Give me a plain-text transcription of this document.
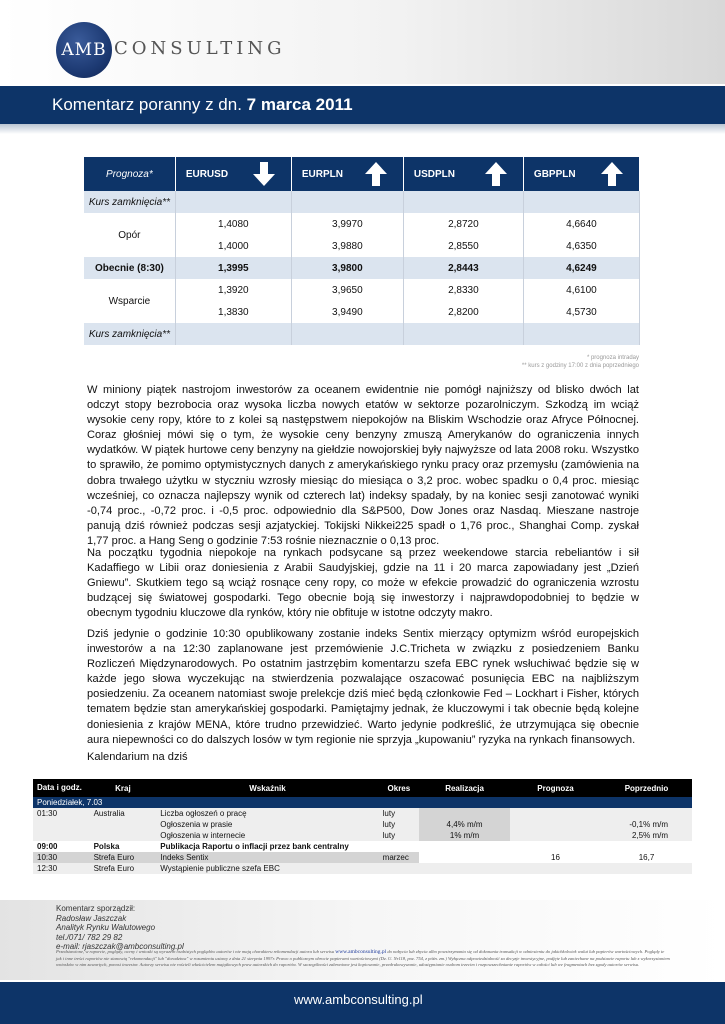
AMB CONSULTING
Komentarz poranny z dn. 7 marca 2011
Prognoza*	EURUSD	EURPLN	USDPLN	GBPPLN

Kurs zamknięcia**				
Opór	1,4080	3,9970	2,8720	4,6640
	1,4000	3,9880	2,8550	4,6350
Obecnie (8:30)	1,3995	3,9800	2,8443	4,6249
Wsparcie	1,3920	3,9650	2,8330	4,6100
	1,3830	3,9490	2,8200	4,5730
Kurs zamknięcia**				
* prognoza intraday
** kurs z godziny 17:00 z dnia poprzedniego

W miniony piątek nastrojom inwestorów za oceanem ewidentnie nie pomógł najniższy od blisko dwóch lat odczyt stopy bezrobocia oraz wysoka liczba nowych etatów w sektorze pozarolniczym. Szkodzą im wciąż wysokie ceny ropy, które to z kolei są następstwem niepokojów na Bliskim Wschodzie oraz Afryce Północnej. Coraz głośniej mówi się o tym, że wysokie ceny benzyny zmuszą Amerykanów do ograniczenia innych wydatków. W piątek hurtowe ceny benzyny na giełdzie nowojorskiej były najwyższe od lata 2008 roku. Wszystko to sprawiło, że pomimo optymistycznych danych z amerykańskiego rynku pracy oraz przemysłu (zamówienia na dobra trwałego użytku w styczniu wzrosły miesiąc do miesiąca o 3,2 proc. wobec spadku o 0,4 proc. miesiąc wcześniej, co oznacza najlepszy wynik od czterech lat) indeksy spadały, by na koniec sesji zanotować wyniki -0,74 proc., -0,72 proc. i -0,5 proc. odpowiednio dla S&P500, Dow Jones oraz Nasdaq. Mieszane nastroje panują dziś również podczas sesji azjatyckiej. Tokijski Nikkei225 spadł o 1,76 proc., Shanghai Comp. zyskał 1,77 proc. a Hang Seng o godzinie 7:53 rośnie nieznacznie o 0,13 proc.

Na początku tygodnia niepokoje na rynkach podsycane są przez weekendowe starcia rebeliantów i sił Kadaffiego w Libii oraz doniesienia z Arabii Saudyjskiej, gdzie na 11 i 20 marca zapowiadany jest „Dzień Gniewu”. Skutkiem tego są wciąż rosnące ceny ropy, co może w efekcie prowadzić do ograniczenia wzrostu budzącej się światowej gospodarki. Tego obecnie boją się inwestorzy i najprawdopodobniej to będzie w obecnym tygodniu kluczowe dla rynków, który nie obfituje w istotne odczyty makro.

Dziś jedynie o godzinie 10:30 opublikowany zostanie indeks Sentix mierzący optymizm wśród europejskich inwestorów a na 12:30 zaplanowane jest przemówienie J.C.Tricheta w związku z posiedzeniem Banku Rozliczeń Międzynarodowych. Po ostatnim jastrzębim komentarzu szefa EBC rynek wsłuchiwać będzie się w każde jego słowa wyczekując na stwierdzenia pozwalające oszacować posunięcia EBC na najbliższym posiedzeniu. Za oceanem natomiast swoje prelekcje dziś mieć będą członkowie Fed – Lockhart i Fisher, których tematem będzie stan amerykańskiej gospodarki. Pamiętajmy jednak, że kluczowymi i tak obecnie będą kolejne doniesienia z krajów MENA, które trudno przewidzieć. Warto jedynie podkreślić, że utrzymująca się obecnie aura niepewności co do dalszych losów w tym regionie nie sprzyja „kupowaniu” ryzyka na rynkach finansowych.

Kalendarium na dziś

Data i godz.	Kraj	Wskaźnik	Okres	Realizacja	Prognoza	Poprzednio
Poniedziałek, 7.03						
01:30	Australia	Liczba ogłoszeń o pracę	luty			
		Ogłoszenia w prasie	luty	4,4% m/m		-0,1% m/m
		Ogłoszenia w internecie	luty	1% m/m		2,5% m/m
09:00	Polska	Publikacja Raportu o inflacji przez bank centralny				
10:30	Strefa Euro	Indeks Sentix	marzec		16	16,7
12:30	Strefa Euro	Wystąpienie publiczne szefa EBC				
Komentarz sporządził:
Radosław Jaszczak
Analityk Rynku Walutowego
tel./071/ 782 29 82
e-mail: rjaszczak@ambconsulting.pl
Przedstawione, w raporcie, poglądy, oceny i wnioski są wyrazem osobistych poglądów autorów i nie mają charakteru rekomendacji autora lub serwisu www.ambconsulting.pl do nabycia lub zbycia albo powstrzymania się od dokonania transakcji w odniesieniu do jakichkolwiek walut lub papierów wartościowych. Poglądy te jak i inne treści raportów nie stanowią "rekomendacji" lub "doradztwa" w rozumieniu ustawy z dnia 21 sierpnia 1997r. Prawo o publicznym obrocie papierami wartościowymi (Dz. U. Nr118, poz. 754, z późn. zm.) Wyłączna odpowiedzialność za decyzje inwestycyjne, podjęte lub zaniechane na podstawie raportu lub z wykorzystaniem wniosków w nim zawartych, ponosi inwestor. Autorzy serwisu nie rościeli właścicielem majątkowych praw autorskich do raportów. W szczególności zabronione jest kopiowanie, przedrukowywanie, udostępnianie osobom trzecim i rozpowszechnianie raportów w całości lub we fragmentach bez zgody autorów serwisu.
www.ambconsulting.pl
